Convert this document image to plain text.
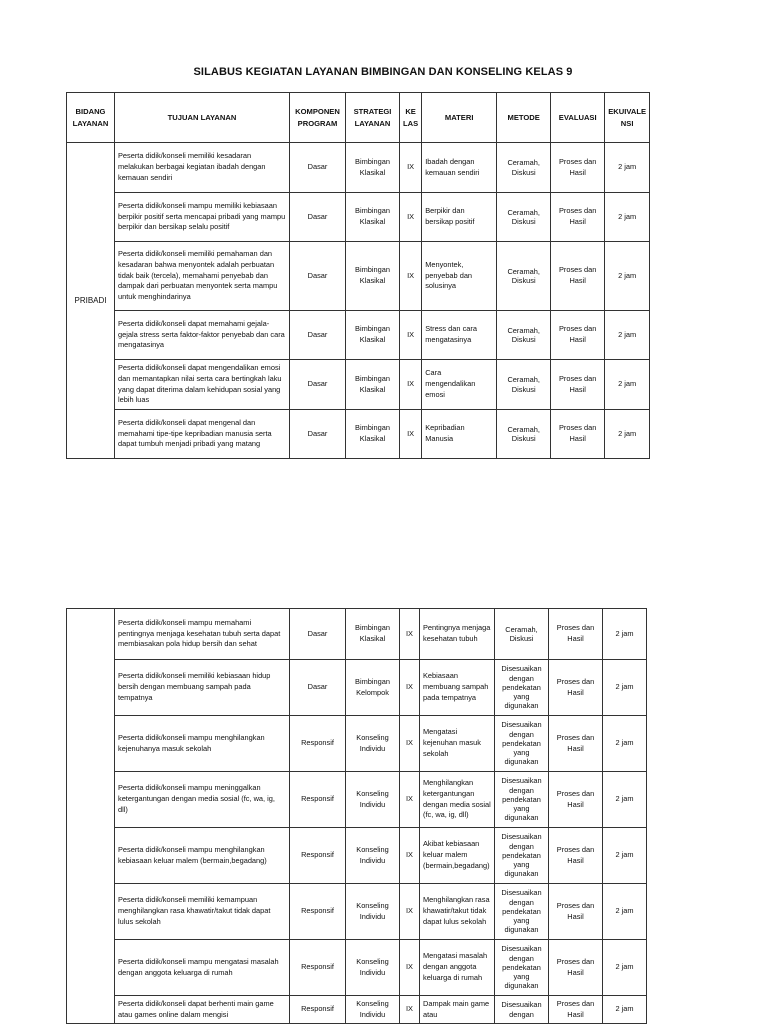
SILABUS KEGIATAN LAYANAN BIMBINGAN DAN KONSELING KELAS 9
BIDANG LAYANAN	TUJUAN LAYANAN	KOMPONEN PROGRAM	STRATEGI LAYANAN	KE LAS	MATERI	METODE	EVALUASI	EKUIVALE NSI
PRIBADI	Peserta didik/konseli memiliki kesadaran melakukan berbagai kegiatan ibadah dengan kemauan sendiri	Dasar	Bimbingan Klasikal	IX	Ibadah dengan kemauan sendiri	Ceramah, Diskusi	Proses dan Hasil	2 jam
	Peserta didik/konseli mampu memiliki kebiasaan berpikir positif serta mencapai pribadi yang mampu berpikir dan bersikap selalu positif	Dasar	Bimbingan Klasikal	IX	Berpikir dan bersikap positif	Ceramah, Diskusi	Proses dan Hasil	2 jam
	Peserta didik/konseli memiliki pemahaman dan kesadaran bahwa menyontek adalah perbuatan tidak baik (tercela), memahami penyebab dan dampak dari perbuatan menyontek serta mampu untuk menghindarinya	Dasar	Bimbingan Klasikal	IX	Menyontek, penyebab dan solusinya	Ceramah, Diskusi	Proses dan Hasil	2 jam
	Peserta didik/konseli dapat memahami gejala-gejala stress serta faktor-faktor penyebab dan cara mengatasinya	Dasar	Bimbingan Klasikal	IX	Stress dan cara mengatasinya	Ceramah, Diskusi	Proses dan Hasil	2 jam
	Peserta didik/konseli dapat mengendalikan emosi dan memantapkan nilai serta cara bertingkah laku yang dapat diterima dalam kehidupan sosial yang lebih luas	Dasar	Bimbingan Klasikal	IX	Cara mengendalikan emosi	Ceramah, Diskusi	Proses dan Hasil	2 jam
	Peserta didik/konseli dapat mengenal dan memahami tipe-tipe kepribadian manusia serta dapat tumbuh menjadi pribadi yang matang	Dasar	Bimbingan Klasikal	IX	Kepribadian Manusia	Ceramah, Diskusi	Proses dan Hasil	2 jam
	Peserta didik/konseli mampu memahami pentingnya menjaga kesehatan tubuh serta dapat membiasakan pola hidup bersih dan sehat	Dasar	Bimbingan Klasikal	IX	Pentingnya menjaga kesehatan tubuh	Ceramah, Diskusi	Proses dan Hasil	2 jam
	Peserta didik/konseli memiliki kebiasaan hidup bersih dengan membuang sampah pada tempatnya	Dasar	Bimbingan Kelompok	IX	Kebiasaan membuang sampah pada tempatnya	Disesuaikan dengan pendekatan yang digunakan	Proses dan Hasil	2 jam
	Peserta didik/konseli mampu menghilangkan kejenuhanya masuk sekolah	Responsif	Konseling Individu	IX	Mengatasi kejenuhan masuk sekolah	Disesuaikan dengan pendekatan yang digunakan	Proses dan Hasil	2 jam
	Peserta didik/konseli mampu meninggalkan ketergantungan dengan media sosial (fc, wa, ig, dll)	Responsif	Konseling Individu	IX	Menghilangkan ketergantungan dengan media sosial (fc, wa, ig, dll)	Disesuaikan dengan pendekatan yang digunakan	Proses dan Hasil	2 jam
	Peserta didik/konseli mampu menghilangkan kebiasaan keluar malem (bermain,begadang)	Responsif	Konseling Individu	IX	Akibat kebiasaan keluar malem (bermain,begadang)	Disesuaikan dengan pendekatan yang digunakan	Proses dan Hasil	2 jam
	Peserta didik/konseli memiliki kemampuan menghilangkan rasa khawatir/takut tidak dapat lulus sekolah	Responsif	Konseling Individu	IX	Menghilangkan rasa khawatir/takut tidak dapat lulus sekolah	Disesuaikan dengan pendekatan yang digunakan	Proses dan Hasil	2 jam
	Peserta didik/konseli mampu mengatasi masalah dengan anggota keluarga di rumah	Responsif	Konseling Individu	IX	Mengatasi masalah dengan anggota keluarga di rumah	Disesuaikan dengan pendekatan yang digunakan	Proses dan Hasil	2 jam
	Peserta didik/konseli dapat berhenti main game atau games online dalam mengisi	Responsif	Konseling Individu	IX	Dampak main game atau	Disesuaikan dengan	Proses dan Hasil	2 jam
